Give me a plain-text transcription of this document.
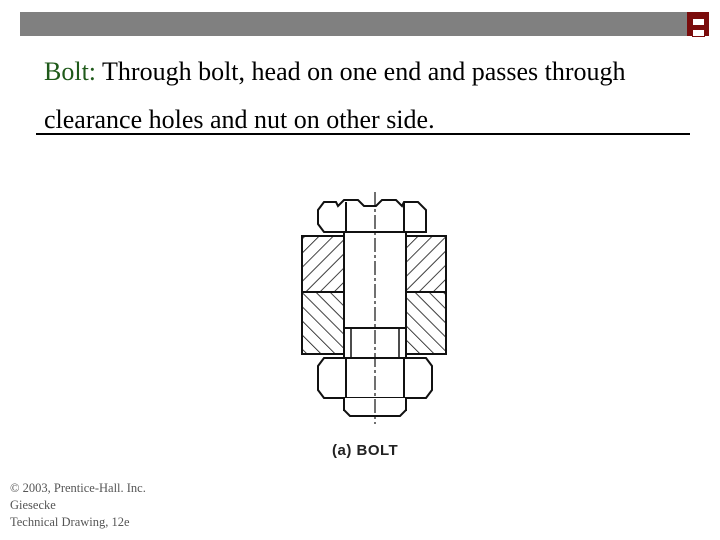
Bolt: Through bolt, head on one end and passes through
clearance holes and nut on other side.
(a) BOLT
© 2003, Prentice-Hall. Inc.
Giesecke
Technical Drawing, 12e
